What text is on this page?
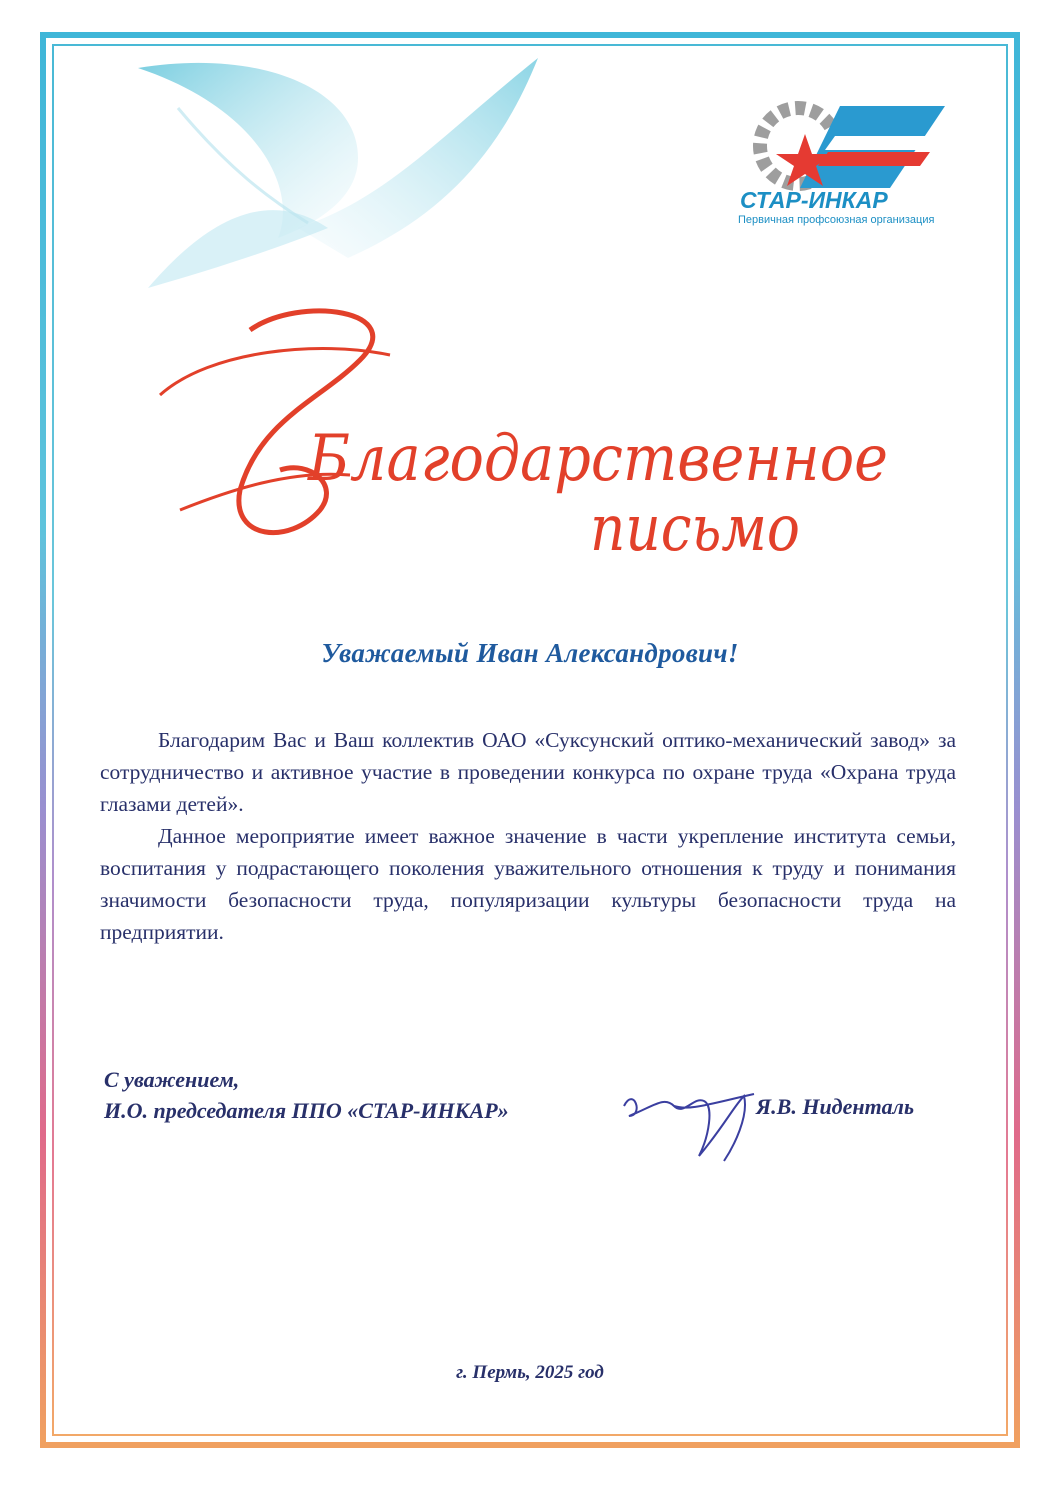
СТАР-ИНКАР
Первичная профсоюзная организация
Благодарственное
письмо
Уважаемый Иван Александрович!

Благодарим Вас и Ваш коллектив ОАО «Суксунский оптико-механический завод» за сотрудничество и активное участие в проведении конкурса по охране труда «Охрана труда глазами детей».

Данное мероприятие имеет важное значение в части укрепление института семьи, воспитания у подрастающего поколения уважительного отношения к труду и понимания значимости безопасности труда, популяризации культуры безопасности труда на предприятии.

С уважением,
И.О. председателя ППО «СТАР-ИНКАР»	Я.В. Ниденталь
г. Пермь, 2025 год
